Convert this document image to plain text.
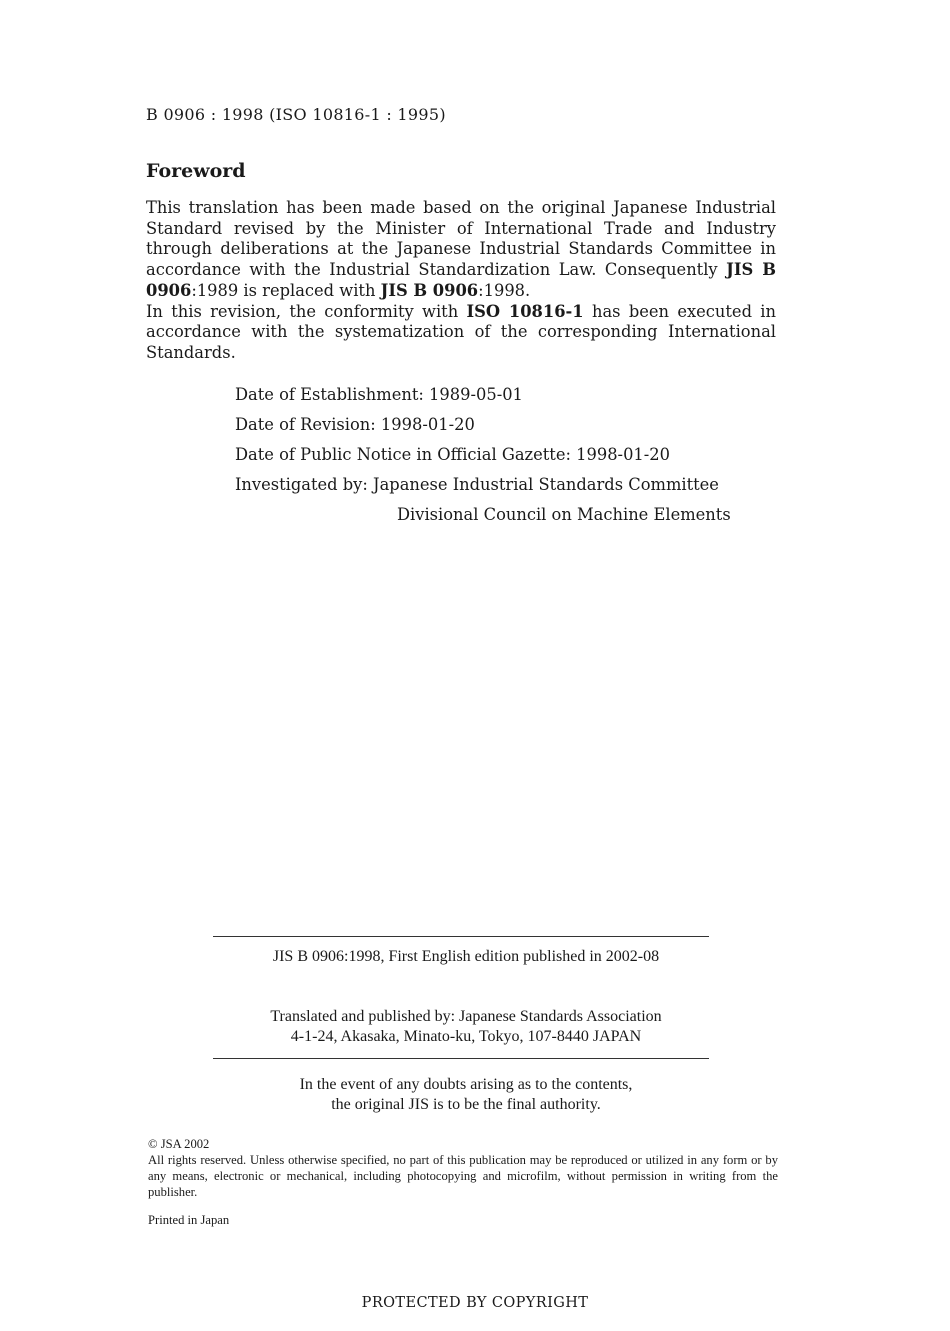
B 0906 : 1998 (ISO 10816-1 : 1995)
Foreword

This translation has been made based on the original Japanese Industrial Standard revised by the Minister of International Trade and Industry through deliberations at the Japanese Industrial Standards Committee in accordance with the Industrial Standardization Law. Consequently JIS B 0906:1989 is replaced with JIS B 0906:1998.

In this revision, the conformity with ISO 10816-1 has been executed in accordance with the systematization of the corresponding International Standards.

Date of Establishment: 1989-05-01
Date of Revision: 1998-01-20
Date of Public Notice in Official Gazette: 1998-01-20
Investigated by: Japanese Industrial Standards Committee
Divisional Council on Machine Elements
JIS B 0906:1998, First English edition published in 2002-08
Translated and published by: Japanese Standards Association
4-1-24, Akasaka, Minato-ku, Tokyo, 107-8440 JAPAN
In the event of any doubts arising as to the contents,
the original JIS is to be the final authority.

© JSA 2002

All rights reserved. Unless otherwise specified, no part of this publication may be reproduced or utilized in any form or by any means, electronic or mechanical, including photocopying and microfilm, without permission in writing from the publisher.

Printed in Japan

PROTECTED BY COPYRIGHT
